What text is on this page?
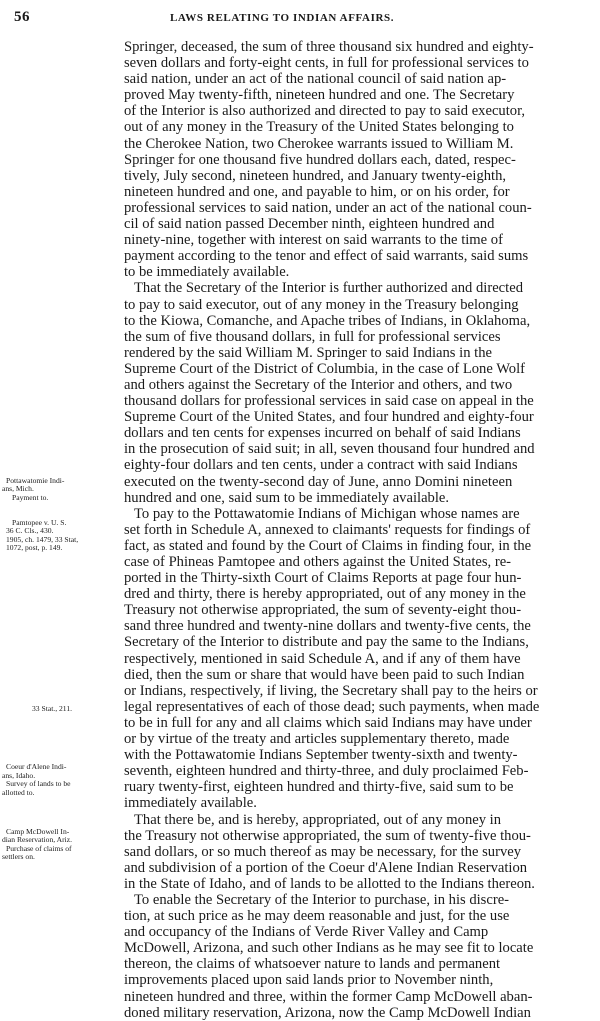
56	LAWS RELATING TO INDIAN AFFAIRS.
Pottawatomie Indi-
ans, Mich.
Payment to.
Pamtopee v. U. S.
36 C. Cls., 430.
1905, ch. 1479, 33 Stat,
1072, post, p. 149.
33 Stat., 211.
Coeur d'Alene Indi-
ans, Idaho.
Survey of lands to be
allotted to.
Camp McDowell In-
dian Reservation, Ariz.
Purchase of claims of
settlers on.
Springer, deceased, the sum of three thousand six hundred and eighty-
seven dollars and forty-eight cents, in full for professional services to
said nation, under an act of the national council of said nation ap-
proved May twenty-fifth, nineteen hundred and one. The Secretary
of the Interior is also authorized and directed to pay to said executor,
out of any money in the Treasury of the United States belonging to
the Cherokee Nation, two Cherokee warrants issued to William M.
Springer for one thousand five hundred dollars each, dated, respec-
tively, July second, nineteen hundred, and January twenty-eighth,
nineteen hundred and one, and payable to him, or on his order, for
professional services to said nation, under an act of the national coun-
cil of said nation passed December ninth, eighteen hundred and
ninety-nine, together with interest on said warrants to the time of
payment according to the tenor and effect of said warrants, said sums
to be immediately available.
That the Secretary of the Interior is further authorized and directed
to pay to said executor, out of any money in the Treasury belonging
to the Kiowa, Comanche, and Apache tribes of Indians, in Oklahoma,
the sum of five thousand dollars, in full for professional services
rendered by the said William M. Springer to said Indians in the
Supreme Court of the District of Columbia, in the case of Lone Wolf
and others against the Secretary of the Interior and others, and two
thousand dollars for professional services in said case on appeal in the
Supreme Court of the United States, and four hundred and eighty-four
dollars and ten cents for expenses incurred on behalf of said Indians
in the prosecution of said suit; in all, seven thousand four hundred and
eighty-four dollars and ten cents, under a contract with said Indians
executed on the twenty-second day of June, anno Domini nineteen
hundred and one, said sum to be immediately available.
To pay to the Pottawatomie Indians of Michigan whose names are
set forth in Schedule A, annexed to claimants' requests for findings of
fact, as stated and found by the Court of Claims in finding four, in the
case of Phineas Pamtopee and others against the United States, re-
ported in the Thirty-sixth Court of Claims Reports at page four hun-
dred and thirty, there is hereby appropriated, out of any money in the
Treasury not otherwise appropriated, the sum of seventy-eight thou-
sand three hundred and twenty-nine dollars and twenty-five cents, the
Secretary of the Interior to distribute and pay the same to the Indians,
respectively, mentioned in said Schedule A, and if any of them have
died, then the sum or share that would have been paid to such Indian
or Indians, respectively, if living, the Secretary shall pay to the heirs or
legal representatives of each of those dead; such payments, when made
to be in full for any and all claims which said Indians may have under
or by virtue of the treaty and articles supplementary thereto, made
with the Pottawatomie Indians September twenty-sixth and twenty-
seventh, eighteen hundred and thirty-three, and duly proclaimed Feb-
ruary twenty-first, eighteen hundred and thirty-five, said sum to be
immediately available.
That there be, and is hereby, appropriated, out of any money in
the Treasury not otherwise appropriated, the sum of twenty-five thou-
sand dollars, or so much thereof as may be necessary, for the survey
and subdivision of a portion of the Coeur d'Alene Indian Reservation
in the State of Idaho, and of lands to be allotted to the Indians thereon.
To enable the Secretary of the Interior to purchase, in his discre-
tion, at such price as he may deem reasonable and just, for the use
and occupancy of the Indians of Verde River Valley and Camp
McDowell, Arizona, and such other Indians as he may see fit to locate
thereon, the claims of whatsoever nature to lands and permanent
improvements placed upon said lands prior to November ninth,
nineteen hundred and three, within the former Camp McDowell aban-
doned military reservation, Arizona, now the Camp McDowell Indian
